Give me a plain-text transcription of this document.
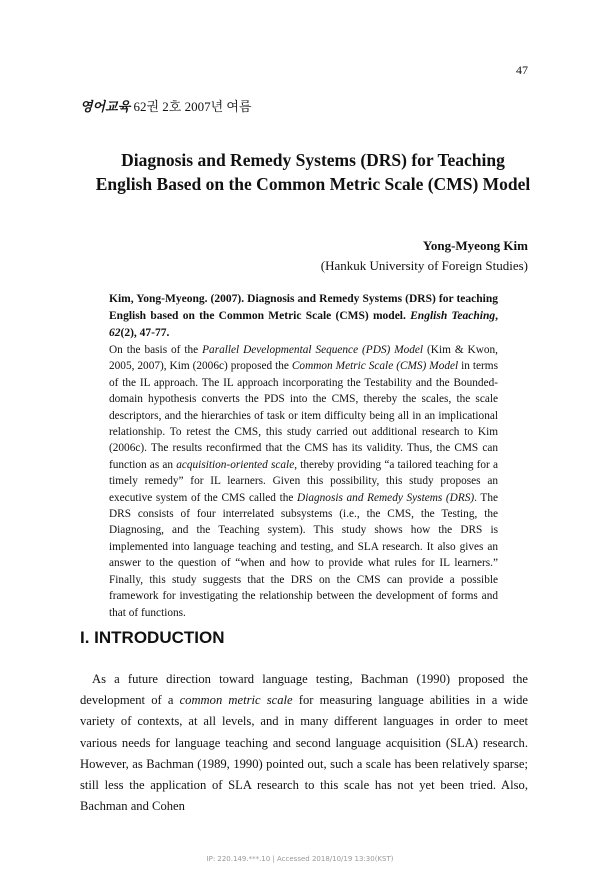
47
영어교육 62권 2호 2007년 여름
Diagnosis and Remedy Systems (DRS) for Teaching
English Based on the Common Metric Scale (CMS) Model
Yong-Myeong Kim
(Hankuk University of Foreign Studies)
Kim, Yong-Myeong. (2007). Diagnosis and Remedy Systems (DRS) for teaching English based on the Common Metric Scale (CMS) model. English Teaching, 62(2), 47-77.
On the basis of the Parallel Developmental Sequence (PDS) Model (Kim & Kwon, 2005, 2007), Kim (2006c) proposed the Common Metric Scale (CMS) Model in terms of the IL approach. The IL approach incorporating the Testability and the Bounded-domain hypothesis converts the PDS into the CMS, thereby the scales, the scale descriptors, and the hierarchies of task or item difficulty being all in an implicational relationship. To retest the CMS, this study carried out additional research to Kim (2006c). The results reconfirmed that the CMS has its validity. Thus, the CMS can function as an acquisition-oriented scale, thereby providing “a tailored teaching for a timely remedy” for IL learners. Given this possibility, this study proposes an executive system of the CMS called the Diagnosis and Remedy Systems (DRS). The DRS consists of four interrelated subsystems (i.e., the CMS, the Testing, the Diagnosing, and the Teaching system). This study shows how the DRS is implemented into language teaching and testing, and SLA research. It also gives an answer to the question of “when and how to provide what rules for IL learners.” Finally, this study suggests that the DRS on the CMS can provide a possible framework for investigating the relationship between the development of forms and that of functions.
I. INTRODUCTION
As a future direction toward language testing, Bachman (1990) proposed the development of a common metric scale for measuring language abilities in a wide variety of contexts, at all levels, and in many different languages in order to meet various needs for language teaching and second language acquisition (SLA) research. However, as Bachman (1989, 1990) pointed out, such a scale has been relatively sparse; still less the application of SLA research to this scale has not yet been tried. Also, Bachman and Cohen
IP: 220.149.***.10 | Accessed 2018/10/19 13:30(KST)
